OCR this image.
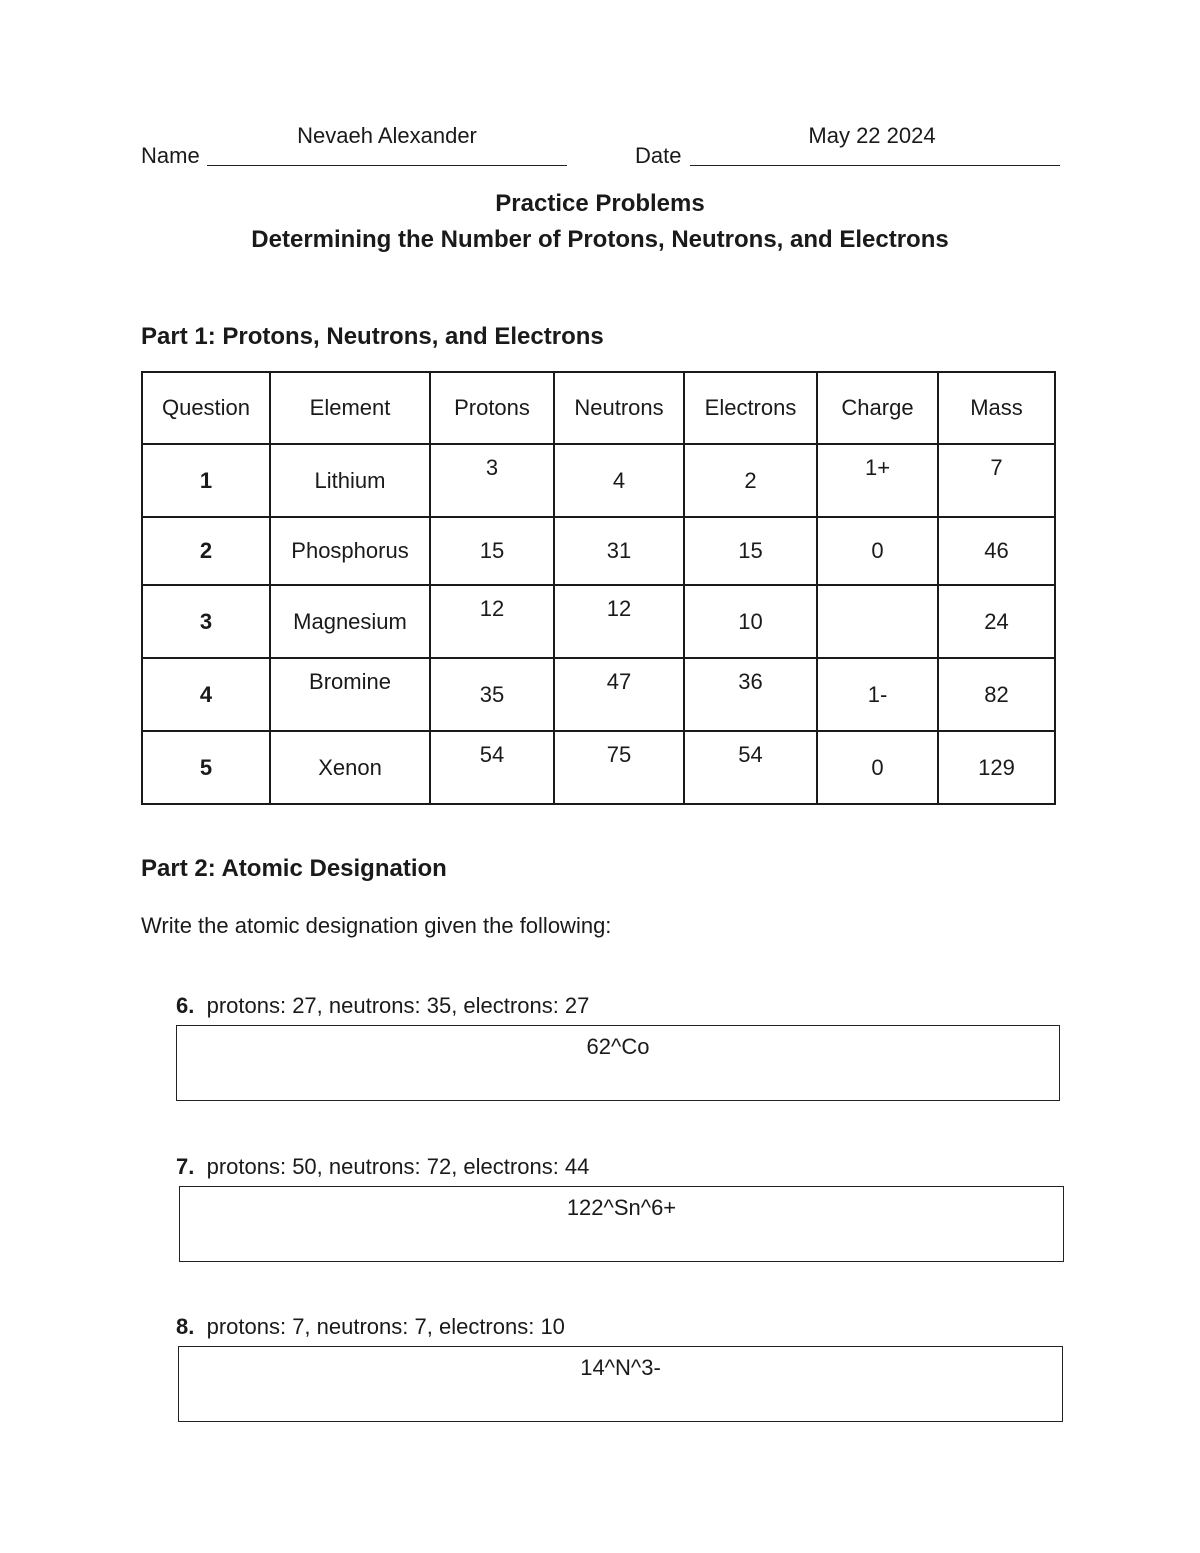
Name
Nevaeh Alexander
Date
May 22 2024
Practice Problems
Determining the Number of Protons, Neutrons, and Electrons
Part 1: Protons, Neutrons, and Electrons
Question	Element	Protons	Neutrons	Electrons	Charge	Mass

1	Lithium	3	4	2	1+	7

2	Phosphorus	15	31	15	0	46

3	Magnesium	12	12	10		24

4	Bromine	35	47	36	1-	82

5	Xenon	54	75	54	0	129
Part 2: Atomic Designation
Write the atomic designation given the following:
6. protons: 27, neutrons: 35, electrons: 27
62^Co
7. protons: 50, neutrons: 72, electrons: 44
122^Sn^6+
8. protons: 7, neutrons: 7, electrons: 10
14^N^3-
